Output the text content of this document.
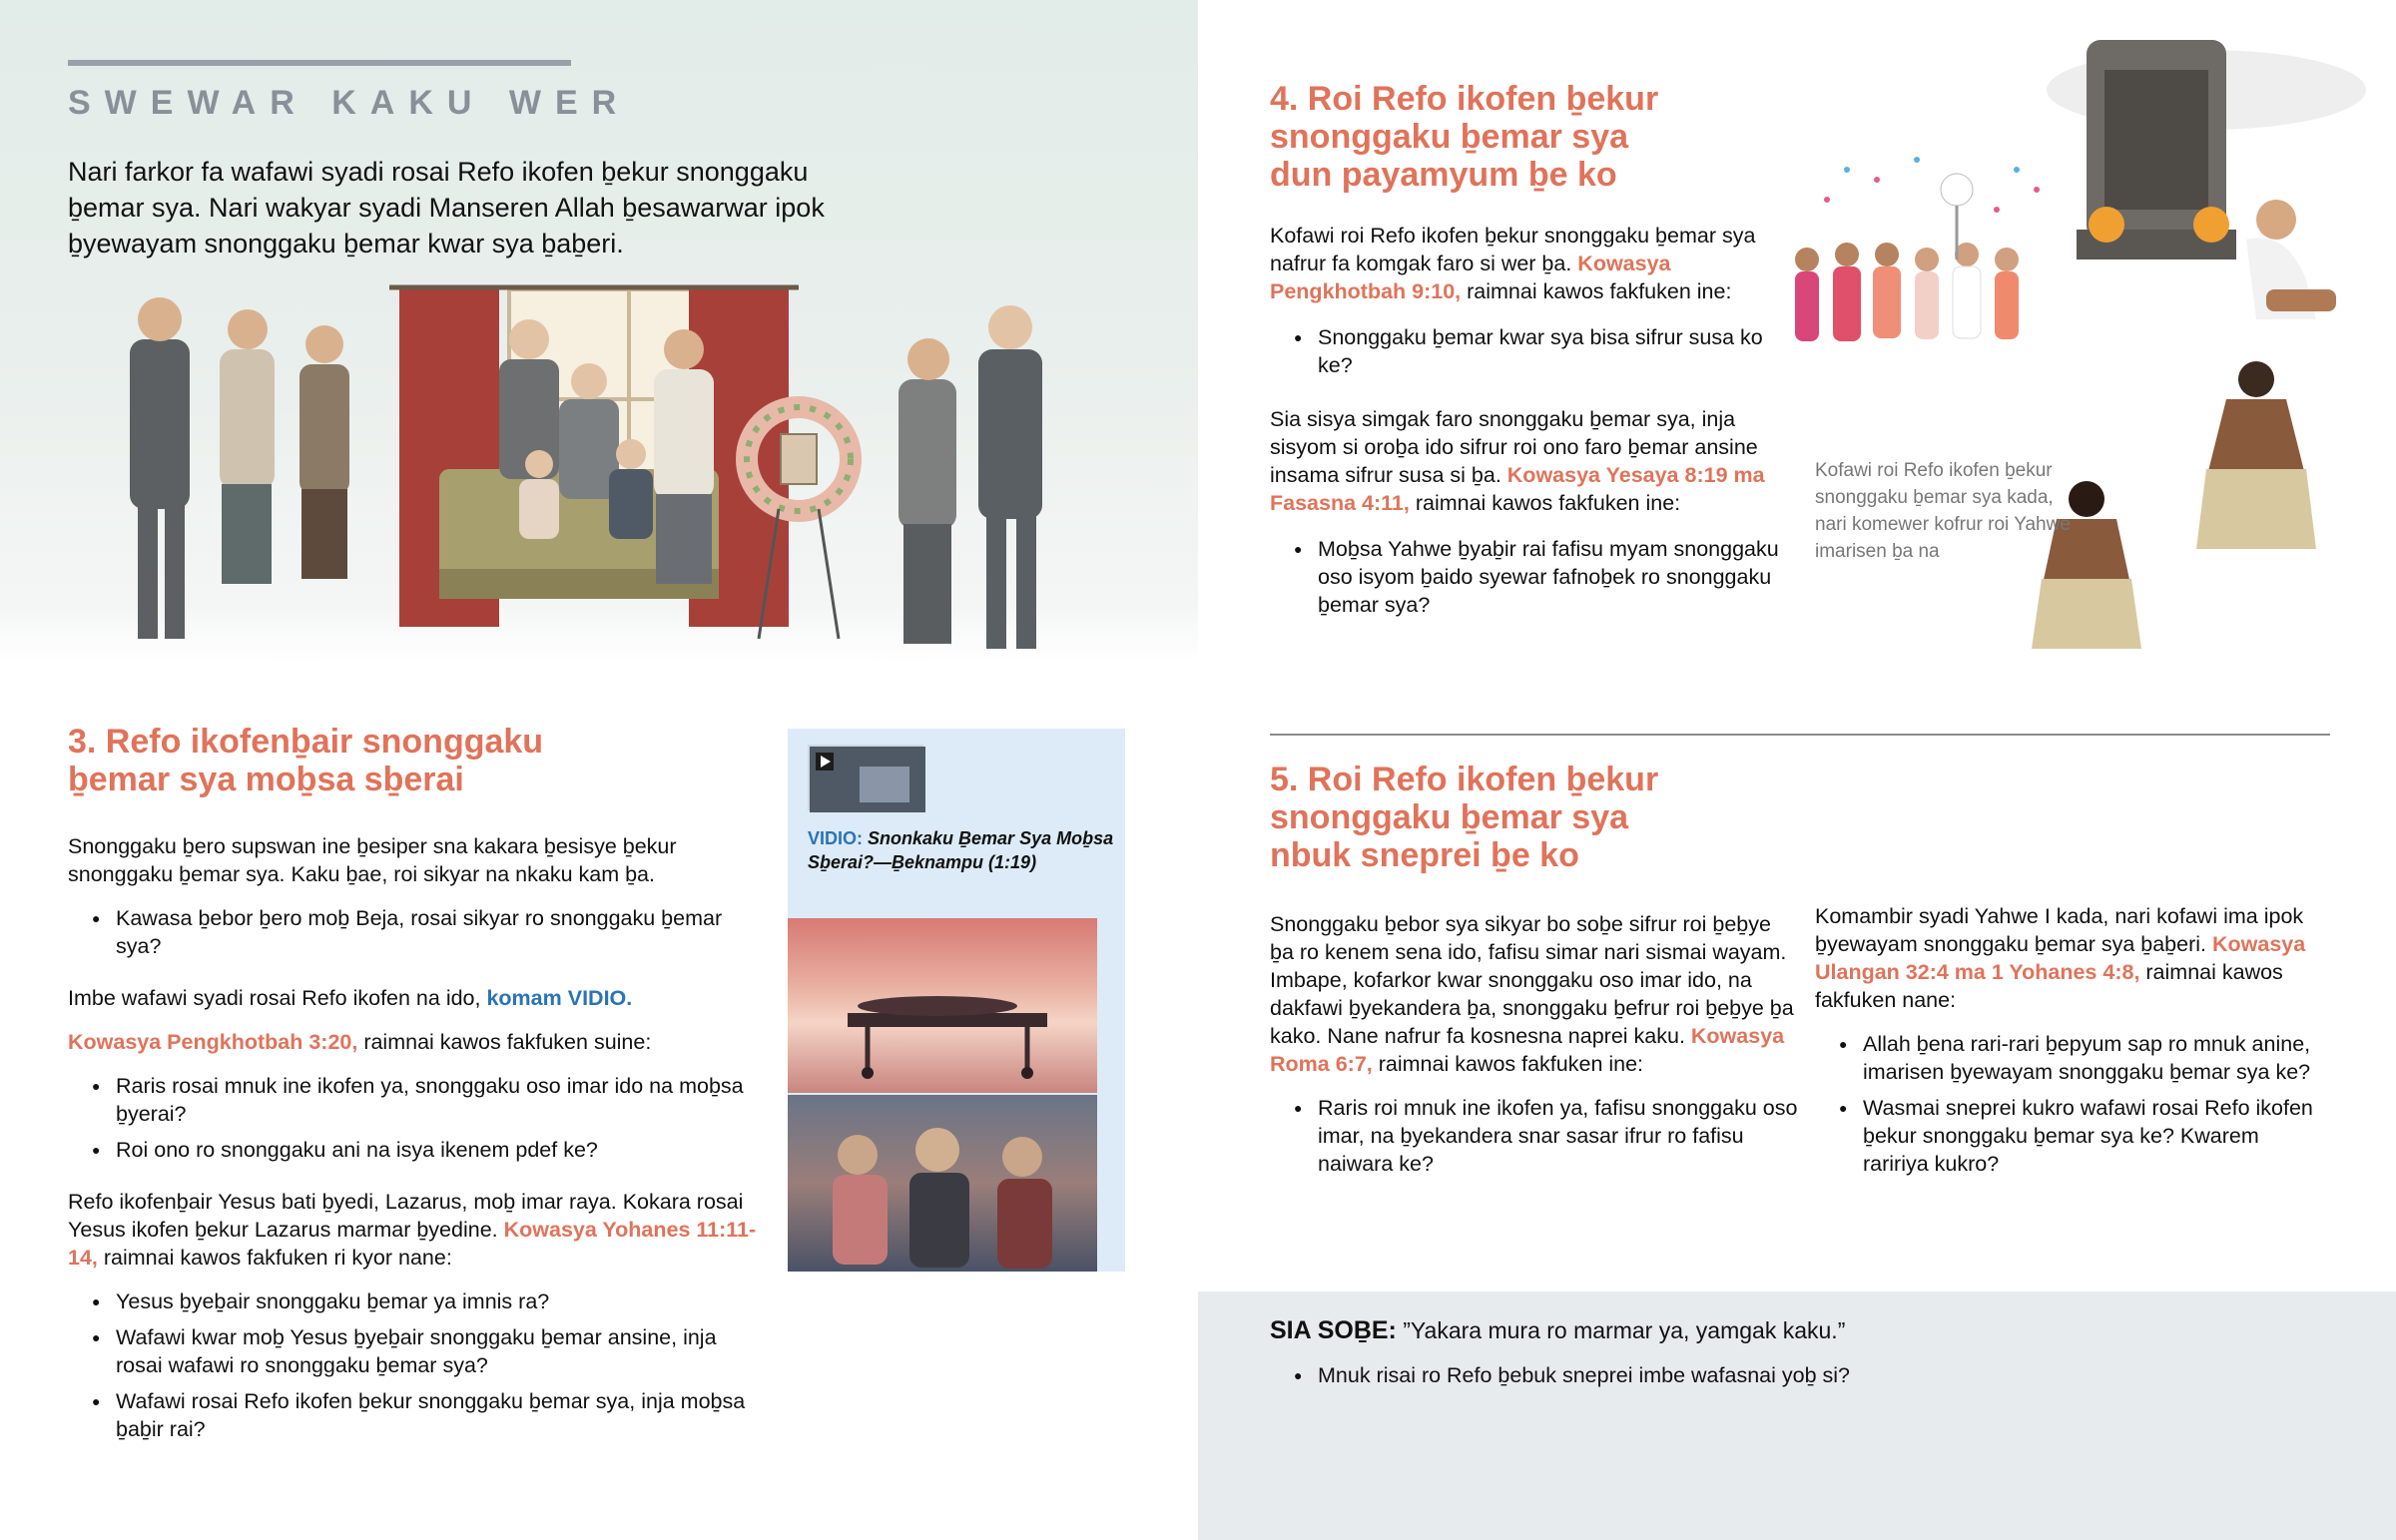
SWEWAR KAKU WER

Nari farkor fa wafawi syadi rosai Refo ikofen ḇekur snonggaku ḇemar sya. Nari wakyar syadi Manseren Allah ḇesawarwar ipok ḇyewayam snonggaku ḇemar kwar sya ḇaḇeri.

3. Refo ikofenḇair snonggaku
ḇemar sya moḇsa sḇerai

Snonggaku ḇero supswan ine ḇesiper sna kakara ḇesisye ḇekur snonggaku ḇemar sya. Kaku ḇae, roi sikyar na nkaku kam ḇa.

● Kawasa ḇebor ḇero moḇ Beja, rosai sikyar ro snonggaku ḇemar sya?

Imbe wafawi syadi rosai Refo ikofen na ido, komam VIDIO.

Kowasya Pengkhotbah 3:20, raimnai kawos fakfuken suine:

● Raris rosai mnuk ine ikofen ya, snonggaku oso imar ido na moḇsa ḇyerai?
● Roi ono ro snonggaku ani na isya ikenem pdef ke?

Refo ikofenḇair Yesus bati ḇyedi, Lazarus, moḇ imar raya. Kokara rosai Yesus ikofen ḇekur Lazarus marmar ḇyedine. Kowasya Yohanes 11:11-14, raimnai kawos fakfuken ri kyor nane:

● Yesus ḇyeḇair snonggaku ḇemar ya imnis ra?
● Wafawi kwar moḇ Yesus ḇyeḇair snonggaku ḇemar ansine, inja rosai wafawi ro snonggaku ḇemar sya?
● Wafawi rosai Refo ikofen ḇekur snonggaku ḇemar sya, inja moḇsa ḇaḇir rai?

VIDIO: Snonkaku Ḇemar Sya Moḇsa Sḇerai?—Ḇeknampu (1:19)

4. Roi Refo ikofen ḇekur
snonggaku ḇemar sya
dun payamyum ḇe ko

Kofawi roi Refo ikofen ḇekur snonggaku ḇemar sya nafrur fa komgak faro si wer ḇa. Kowasya Pengkhotbah 9:10, raimnai kawos fakfuken ine:

● Snonggaku ḇemar kwar sya bisa sifrur susa ko ke?

Sia sisya simgak faro snonggaku ḇemar sya, inja sisyom si oroḇa ido sifrur roi ono faro ḇemar ansine insama sifrur susa si ḇa. Kowasya Yesaya 8:19 ma Fasasna 4:11, raimnai kawos fakfuken ine:

● Moḇsa Yahwe ḇyaḇir rai fafisu myam snonggaku oso isyom ḇaido syewar fafnoḇek ro snonggaku ḇemar sya?

Kofawi roi Refo ikofen ḇekur snonggaku ḇemar sya kada, nari komewer kofrur roi Yahwe imarisen ḇa na

5. Roi Refo ikofen ḇekur
snonggaku ḇemar sya
nbuk sneprei ḇe ko

Snonggaku ḇebor sya sikyar bo soḇe sifrur roi ḇeḇye ḇa ro kenem sena ido, fafisu simar nari sismai wayam. Imbape, kofarkor kwar snonggaku oso imar ido, na dakfawi ḇyekandera ḇa, snonggaku ḇefrur roi ḇeḇye ḇa kako. Nane nafrur fa kosnesna naprei kaku. Kowasya Roma 6:7, raimnai kawos fakfuken ine:

● Raris roi mnuk ine ikofen ya, fafisu snonggaku oso imar, na ḇyekandera snar sasar ifrur ro fafisu naiwara ke?

Komambir syadi Yahwe I kada, nari kofawi ima ipok ḇyewayam snonggaku ḇemar sya ḇaḇeri. Kowasya Ulangan 32:4 ma 1 Yohanes 4:8, raimnai kawos fakfuken nane:

● Allah ḇena rari-rari ḇepyum sap ro mnuk anine, imarisen ḇyewayam snonggaku ḇemar sya ke?
● Wasmai sneprei kukro wafawi rosai Refo ikofen ḇekur snonggaku ḇemar sya ke? Kwarem raririya kukro?

SIA SOḆE: ”Yakara mura ro marmar ya, yamgak kaku.”

● Mnuk risai ro Refo ḇebuk sneprei imbe wafasnai yoḇ si?
